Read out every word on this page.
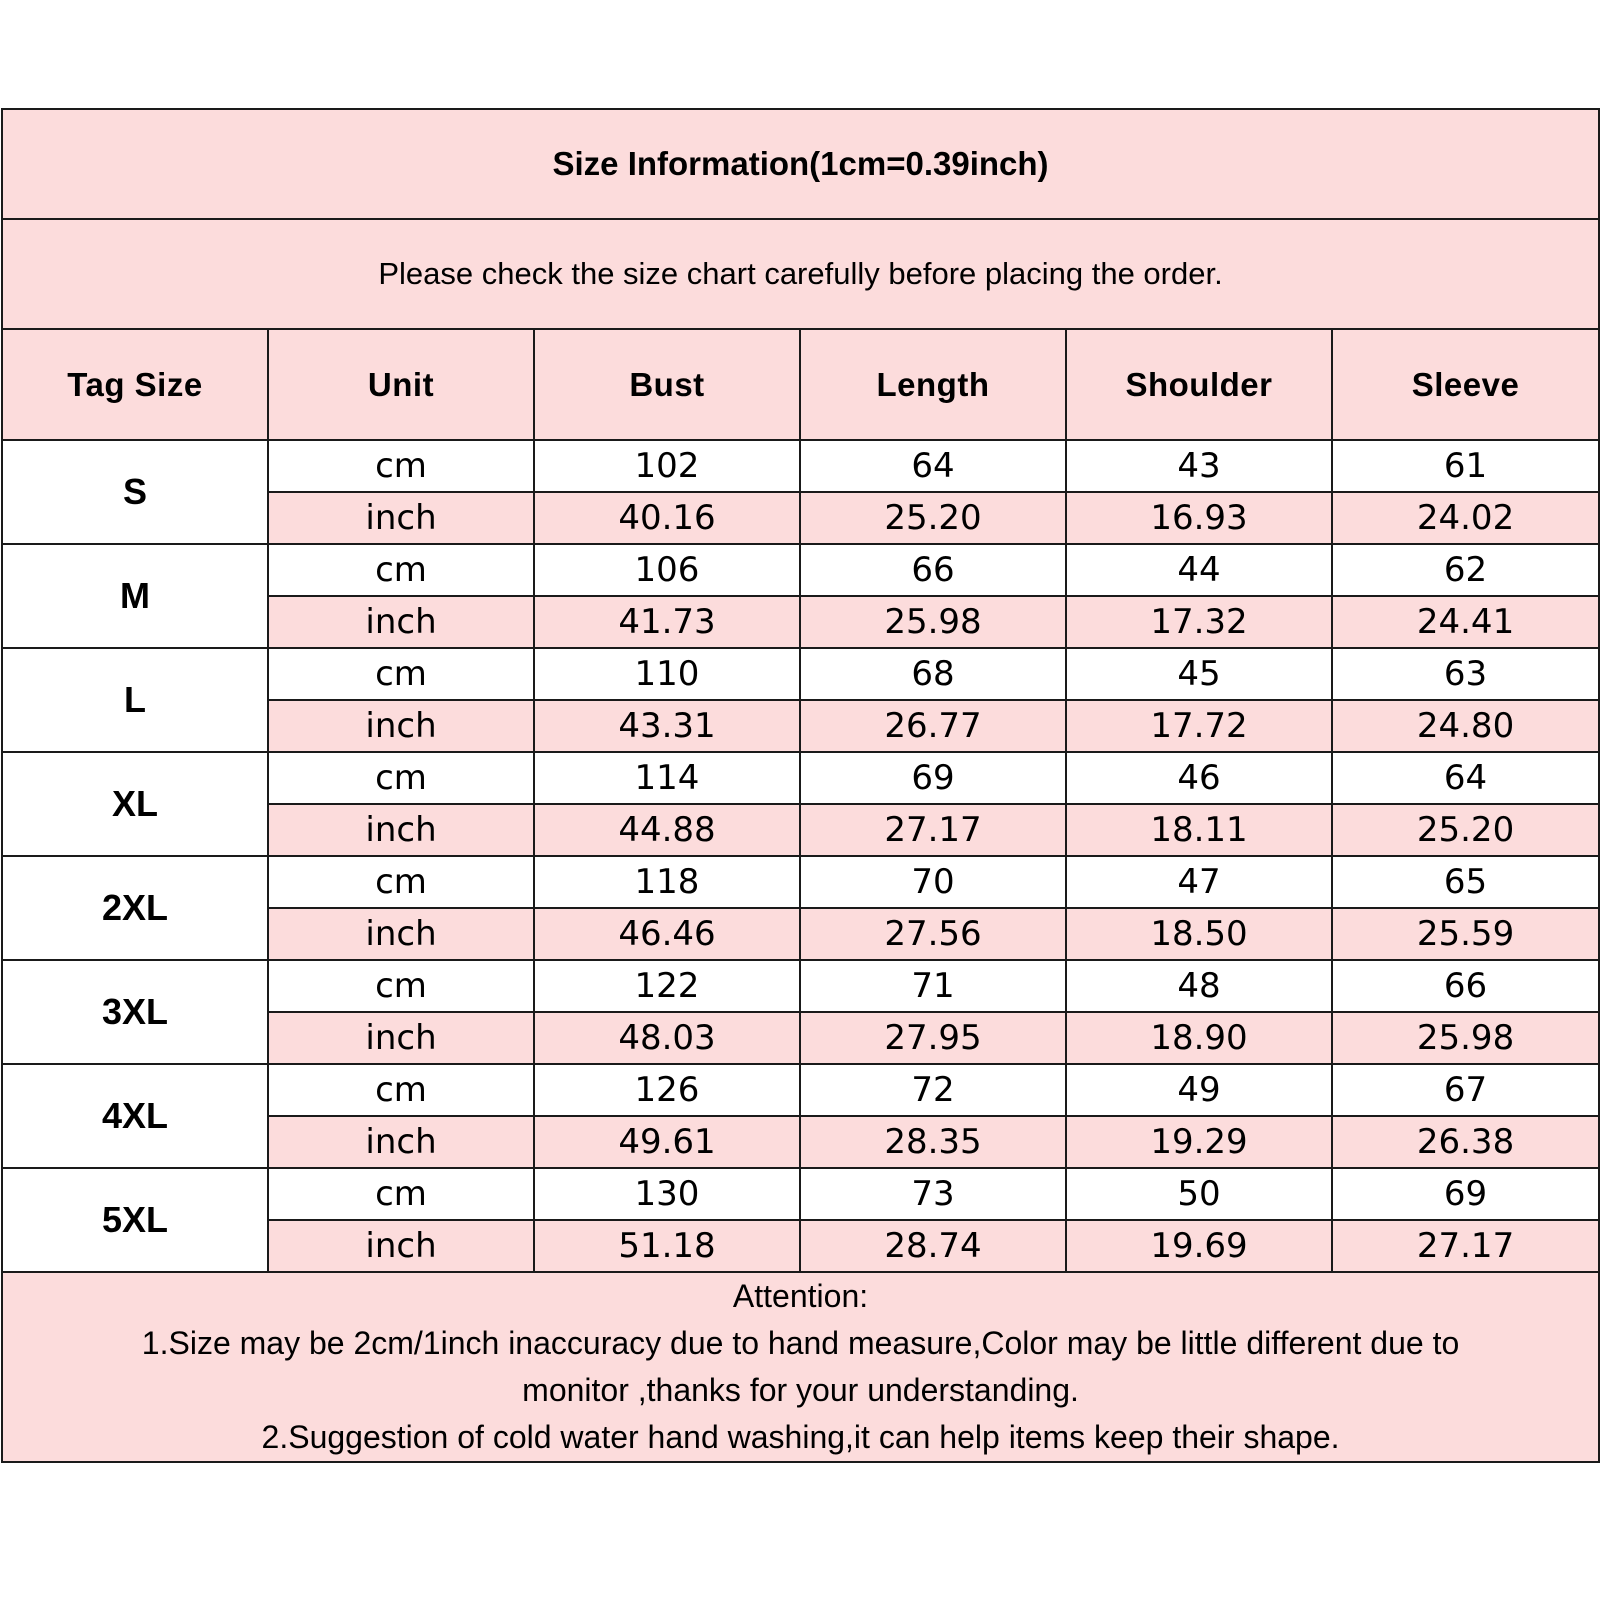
Size Information(1cm=0.39inch)					
Please check the size chart carefully before placing the order.					
Tag Size	Unit	Bust	Length	Shoulder	Sleeve
S	cm	102	64	43	61
	inch	40.16	25.20	16.93	24.02
M	cm	106	66	44	62
	inch	41.73	25.98	17.32	24.41
L	cm	110	68	45	63
	inch	43.31	26.77	17.72	24.80
XL	cm	114	69	46	64
	inch	44.88	27.17	18.11	25.20
2XL	cm	118	70	47	65
	inch	46.46	27.56	18.50	25.59
3XL	cm	122	71	48	66
	inch	48.03	27.95	18.90	25.98
4XL	cm	126	72	49	67
	inch	49.61	28.35	19.29	26.38
5XL	cm	130	73	50	69
	inch	51.18	28.74	19.69	27.17

Attention:
1.Size may be 2cm/1inch inaccuracy due to hand measure,Color may be little different due to
monitor ,thanks for your understanding.
2.Suggestion of cold water hand washing,it can help items keep their shape.					
